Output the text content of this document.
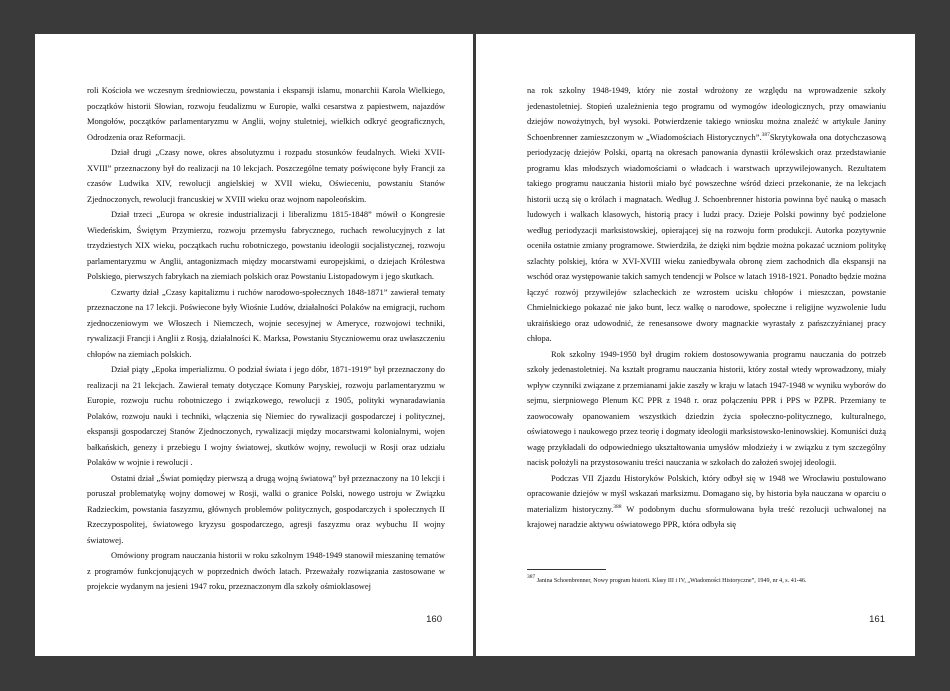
roli Kościoła we wczesnym średniowieczu, powstania i ekspansji islamu, monarchii Karola Wielkiego, początków historii Słowian, rozwoju feudalizmu w Europie, walki cesarstwa z papiestwem, najazdów Mongołów, początków parlamentaryzmu w Anglii, wojny stuletniej, wielkich odkryć geograficznych, Odrodzenia oraz Reformacji.

Dział drugi „Czasy nowe, okres absolutyzmu i rozpadu stosunków feudalnych. Wieki XVII-XVIII” przeznaczony był do realizacji na 10 lekcjach. Poszczególne tematy poświęcone były Francji za czasów Ludwika XIV, rewolucji angielskiej w XVII wieku, Oświeceniu, powstaniu Stanów Zjednoczonych, rewolucji francuskiej w XVIII wieku oraz wojnom napoleońskim.

Dział trzeci „Europa w okresie industrializacji i liberalizmu 1815-1848” mówił o Kongresie Wiedeńskim, Świętym Przymierzu, rozwoju przemysłu fabrycznego, ruchach rewolucyjnych z lat trzydziestych XIX wieku, początkach ruchu robotniczego, powstaniu ideologii socjalistycznej, rozwoju parlamentaryzmu w Anglii, antagonizmach między mocarstwami europejskimi, o dziejach Królestwa Polskiego, pierwszych fabrykach na ziemiach polskich oraz Powstaniu Listopadowym i jego skutkach.

Czwarty dział „Czasy kapitalizmu i ruchów narodowo-społecznych 1848-1871” zawierał tematy przeznaczone na 17 lekcji. Poświecone były Wiośnie Ludów, działalności Polaków na emigracji, ruchom zjednoczeniowym we Włoszech i Niemczech, wojnie secesyjnej w Ameryce, rozwojowi techniki, rywalizacji Francji i Anglii z Rosją, działalności K. Marksa, Powstaniu Styczniowemu oraz uwłaszczeniu chłopów na ziemiach polskich.

Dział piąty „Epoka imperializmu. O podział świata i jego dóbr, 1871-1919” był przeznaczony do realizacji na 21 lekcjach. Zawierał tematy dotyczące Komuny Paryskiej, rozwoju parlamentaryzmu w Europie, rozwoju ruchu robotniczego i związkowego, rewolucji z 1905, polityki wynaradawiania Polaków, rozwoju nauki i techniki, włączenia się Niemiec do rywalizacji gospodarczej i politycznej, ekspansji gospodarczej Stanów Zjednoczonych, rywalizacji między mocarstwami kolonialnymi, wojen bałkańskich, genezy i przebiegu I wojny światowej, skutków wojny, rewolucji w Rosji oraz udziału Polaków w wojnie i rewolucji .

Ostatni dział „Świat pomiędzy pierwszą a drugą wojną światową” był przeznaczony na 10 lekcji i poruszał problematykę wojny domowej w Rosji, walki o granice Polski, nowego ustroju w Związku Radzieckim, powstania faszyzmu, głównych problemów politycznych, gospodarczych i społecznych II Rzeczypospolitej, światowego kryzysu gospodarczego, agresji faszyzmu oraz wybuchu II wojny światowej.

Omówiony program nauczania historii w roku szkolnym 1948-1949 stanowił mieszaninę tematów z programów funkcjonujących w poprzednich dwóch latach. Przeważały rozwiązania zastosowane w projekcie wydanym na jesieni 1947 roku, przeznaczonym dla szkoły ośmioklasowej

160

na rok szkolny 1948-1949, który nie został wdrożony ze względu na wprowadzenie szkoły jedenastoletniej. Stopień uzależnienia tego programu od wymogów ideologicznych, przy omawianiu dziejów nowożytnych, był wysoki. Potwierdzenie takiego wniosku można znaleźć w artykule Janiny Schoenbrenner zamieszczonym w „Wiadomościach Historycznych”.$^{387}$Skrytykowała ona dotychczasową periodyzację dziejów Polski, opartą na okresach panowania dynastii królewskich oraz przedstawianie programu klas młodszych wiadomościami o władcach i warstwach uprzywilejowanych. Rezultatem takiego programu nauczania historii miało być powszechne wśród dzieci przekonanie, że na lekcjach historii uczą się o królach i magnatach. Według J. Schoenbrenner historia powinna być nauką o masach ludowych i walkach klasowych, historią pracy i ludzi pracy. Dzieje Polski powinny być podzielone według periodyzacji marksistowskiej, opierającej się na rozwoju form produkcji. Autorka pozytywnie oceniła ostatnie zmiany programowe. Stwierdziła, że dzięki nim będzie można pokazać uczniom politykę szlachty polskiej, która w XVI-XVIII wieku zaniedbywała obronę ziem zachodnich dla ekspansji na wschód oraz występowanie takich samych tendencji w Polsce w latach 1918-1921. Ponadto będzie można łączyć rozwój przywilejów szlacheckich ze wzrostem ucisku chłopów i mieszczan, powstanie Chmielnickiego pokazać nie jako bunt, lecz walkę o narodowe, społeczne i religijne wyzwolenie ludu ukraińskiego oraz udowodnić, że renesansowe dwory magnackie wyrastały z pańszczyźnianej pracy chłopa.

Rok szkolny 1949-1950 był drugim rokiem dostosowywania programu nauczania do potrzeb szkoły jedenastoletniej. Na kształt programu nauczania historii, który został wtedy wprowadzony, miały wpływ czynniki związane z przemianami jakie zaszły w kraju w latach 1947-1948 w wyniku wyborów do sejmu, sierpniowego Plenum KC PPR z 1948 r. oraz połączeniu PPR i PPS w PZPR. Przemiany te zaowocowały opanowaniem wszystkich dziedzin życia społeczno-politycznego, kulturalnego, oświatowego i naukowego przez teorię i dogmaty ideologii marksistowsko-leninowskiej. Komuniści dużą wagę przykładali do odpowiedniego ukształtowania umysłów młodzieży i w związku z tym szczególny nacisk położyli na przystosowaniu treści nauczania w szkołach do założeń swojej ideologii.

Podczas VII Zjazdu Historyków Polskich, który odbył się w 1948 we Wrocławiu postulowano opracowanie dziejów w myśl wskazań marksizmu. Domagano się, by historia była nauczana w oparciu o materializm historyczny.$^{388}$ W podobnym duchu sformułowana była treść rezolucji uchwalonej na krajowej naradzie aktywu oświatowego PPR, która odbyła się

$^{387}$ Janina Schoenbrenner, Nowy program historii. Klasy III i IV, „Wiadomości Historyczne”, 1949, nr 4, s. 41-46.
161
